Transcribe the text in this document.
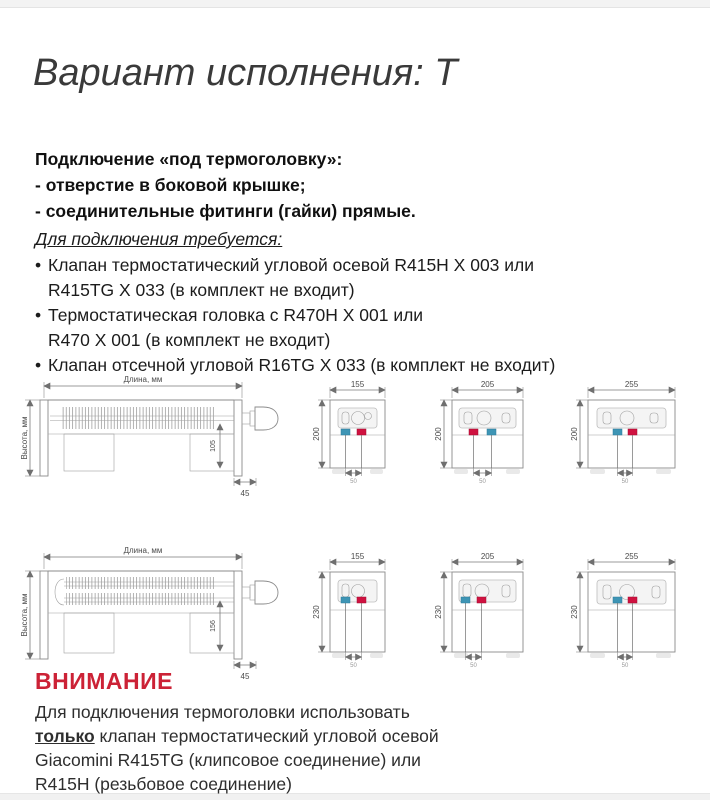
Вариант исполнения: Т
Подключение «под термоголовку»:
- отверстие в боковой крышке;
- соединительные фитинги (гайки) прямые.
Для подключения требуется:
• Клапан термостатический угловой осевой R415H X 003 или
R415TG X 033 (в комплект не входит)
• Термостатическая головка с R470H X 001 или
R470 X 001 (в комплект не входит)
• Клапан отсечной угловой R16TG X 033 (в комплект не входит)
Длина, мм
Высота, мм	105
45
155
200
50
205
200
50
255
200
50
Длина, мм
Высота, мм	156
45
155
230
50
205
230
50
255
230
50
ВНИМАНИЕ
Для подключения термоголовки использовать
только клапан термостатический угловой осевой
Giacomini R415TG (клипсовое соединение) или
R415H (резьбовое соединение)
